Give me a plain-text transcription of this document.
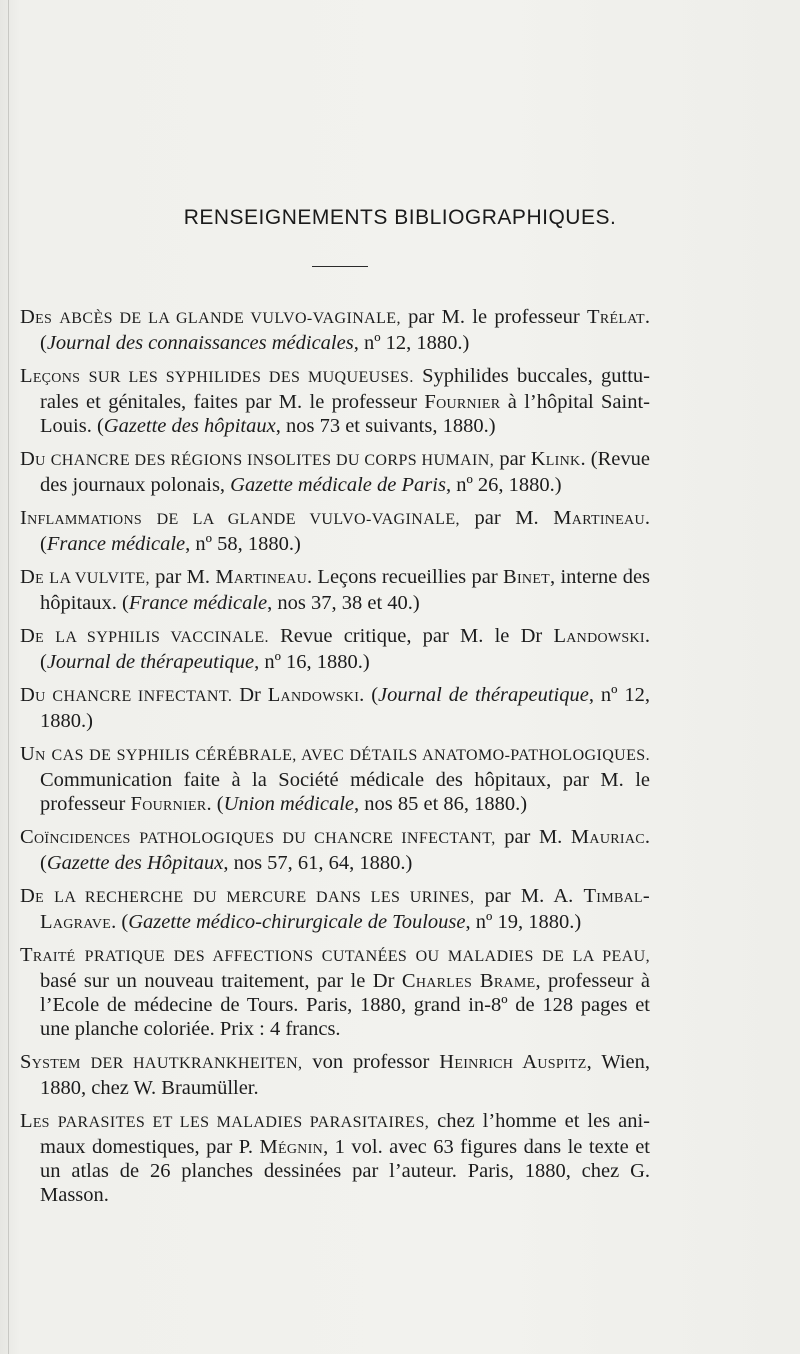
RENSEIGNEMENTS BIBLIOGRAPHIQUES.

Des ABCÈS DE LA GLANDE VULVO-VAGINALE, par M. le professeur Trélat. (Journal des connaissances médicales, nº 12, 1880.)

Leçons SUR LES SYPHILIDES DES MUQUEUSES. Syphilides buccales, guttu-rales et génitales, faites par M. le professeur Fournier à l’hôpital Saint-Louis. (Gazette des hôpitaux, nos 73 et suivants, 1880.)

Du CHANCRE DES RÉGIONS INSOLITES DU CORPS HUMAIN, par Klink. (Revue des journaux polonais, Gazette médicale de Paris, nº 26, 1880.)

Inflammations DE LA GLANDE VULVO-VAGINALE, par M. Martineau. (France médicale, nº 58, 1880.)

De LA VULVITE, par M. Martineau. Leçons recueillies par Binet, interne des hôpitaux. (France médicale, nos 37, 38 et 40.)

De LA SYPHILIS VACCINALE. Revue critique, par M. le Dr Landowski. (Journal de thérapeutique, nº 16, 1880.)

Du CHANCRE INFECTANT. Dr Landowski. (Journal de thérapeutique, nº 12, 1880.)

Un CAS DE SYPHILIS CÉRÉBRALE, AVEC DÉTAILS ANATOMO-PATHOLOGIQUES. Communication faite à la Société médicale des hôpitaux, par M. le professeur Fournier. (Union médicale, nos 85 et 86, 1880.)

Coïncidences PATHOLOGIQUES DU CHANCRE INFECTANT, par M. Mauriac. (Gazette des Hôpitaux, nos 57, 61, 64, 1880.)

De LA RECHERCHE DU MERCURE DANS LES URINES, par M. A. Timbal-Lagrave. (Gazette médico-chirurgicale de Toulouse, nº 19, 1880.)

Traité PRATIQUE DES AFFECTIONS CUTANÉES OU MALADIES DE LA PEAU, basé sur un nouveau traitement, par le Dr Charles Brame, professeur à l’Ecole de médecine de Tours. Paris, 1880, grand in-8º de 128 pages et une planche coloriée. Prix : 4 francs.

System DER HAUTKRANKHEITEN, von professor Heinrich Auspitz, Wien, 1880, chez W. Braumüller.

Les PARASITES ET LES MALADIES PARASITAIRES, chez l’homme et les ani-maux domestiques, par P. Mégnin, 1 vol. avec 63 figures dans le texte et un atlas de 26 planches dessinées par l’auteur. Paris, 1880, chez G. Masson.
